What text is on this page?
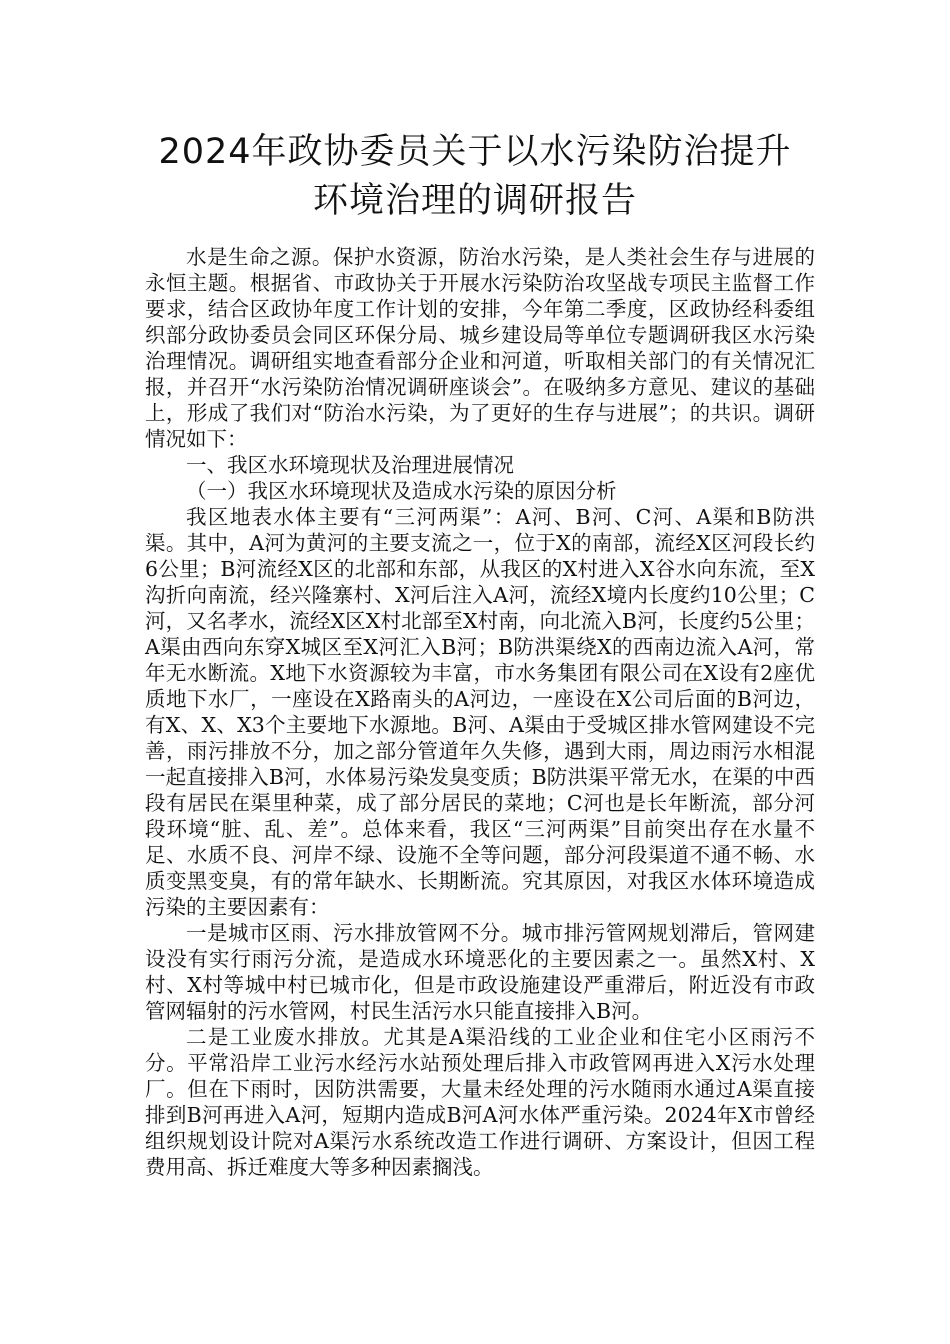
2024年政协委员关于以水污染防治提升
环境治理的调研报告

水是生命之源。保护水资源，防治水污染，是人类社会生存与进展的永恒主题。根据省、市政协关于开展水污染防治攻坚战专项民主监督工作要求，结合区政协年度工作计划的安排，今年第二季度，区政协经科委组织部分政协委员会同区环保分局、城乡建设局等单位专题调研我区水污染治理情况。调研组实地查看部分企业和河道，听取相关部门的有关情况汇报，并召开“水污染防治情况调研座谈会”。在吸纳多方意见、建议的基础上，形成了我们对“防治水污染，为了更好的生存与进展”；的共识。调研情况如下：

一、我区水环境现状及治理进展情况

（一）我区水环境现状及造成水污染的原因分析

我区地表水体主要有“三河两渠”：A河、B河、C河、A渠和B防洪渠。其中，A河为黄河的主要支流之一，位于X的南部，流经X区河段长约6公里；B河流经X区的北部和东部，从我区的X村进入X谷水向东流，至X沟折向南流，经兴隆寨村、X河后注入A河，流经X境内长度约10公里；C河，又名孝水，流经X区X村北部至X村南，向北流入B河，长度约5公里；A渠由西向东穿X城区至X河汇入B河；B防洪渠绕X的西南边流入A河，常年无水断流。X地下水资源较为丰富，市水务集团有限公司在X设有2座优质地下水厂，一座设在X路南头的A河边，一座设在X公司后面的B河边，有X、X、X3个主要地下水源地。B河、A渠由于受城区排水管网建设不完善，雨污排放不分，加之部分管道年久失修，遇到大雨，周边雨污水相混一起直接排入B河，水体易污染发臭变质；B防洪渠平常无水，在渠的中西段有居民在渠里种菜，成了部分居民的菜地；C河也是长年断流，部分河段环境“脏、乱、差”。总体来看，我区“三河两渠”目前突出存在水量不足、水质不良、河岸不绿、设施不全等问题，部分河段渠道不通不畅、水质变黑变臭，有的常年缺水、长期断流。究其原因，对我区水体环境造成污染的主要因素有：

一是城市区雨、污水排放管网不分。城市排污管网规划滞后，管网建设没有实行雨污分流，是造成水环境恶化的主要因素之一。虽然X村、X村、X村等城中村已城市化，但是市政设施建设严重滞后，附近没有市政管网辐射的污水管网，村民生活污水只能直接排入B河。

二是工业废水排放。尤其是A渠沿线的工业企业和住宅小区雨污不分。平常沿岸工业污水经污水站预处理后排入市政管网再进入X污水处理厂。但在下雨时，因防洪需要，大量未经处理的污水随雨水通过A渠直接排到B河再进入A河，短期内造成B河A河水体严重污染。2024年X市曾经组织规划设计院对A渠污水系统改造工作进行调研、方案设计，但因工程费用高、拆迁难度大等多种因素搁浅。
